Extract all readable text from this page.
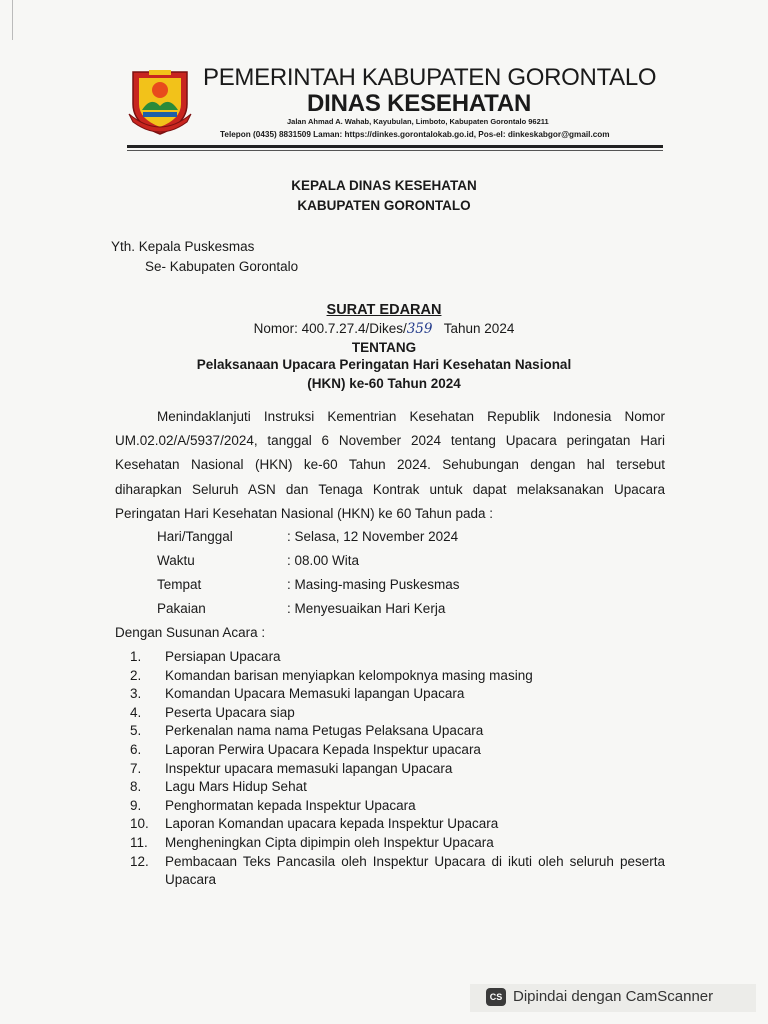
PEMERINTAH KABUPATEN GORONTALO
DINAS KESEHATAN
Jalan Ahmad A. Wahab, Kayubulan, Limboto, Kabupaten Gorontalo 96211
Telepon (0435) 8831509 Laman: https://dinkes.gorontalokab.go.id, Pos-el: dinkeskabgor@gmail.com
KEPALA DINAS KESEHATAN
KABUPATEN GORONTALO
Yth. Kepala Puskesmas
Se- Kabupaten Gorontalo
SURAT EDARAN
Nomor: 400.7.27.4/Dikes/359 Tahun 2024
TENTANG
Pelaksanaan Upacara Peringatan Hari Kesehatan Nasional
(HKN) ke-60 Tahun 2024

Menindaklanjuti Instruksi Kementrian Kesehatan Republik Indonesia Nomor UM.02.02/A/5937/2024, tanggal 6 November 2024 tentang Upacara peringatan Hari Kesehatan Nasional (HKN) ke-60 Tahun 2024. Sehubungan dengan hal tersebut diharapkan Seluruh ASN dan Tenaga Kontrak untuk dapat melaksanakan Upacara Peringatan Hari Kesehatan Nasional (HKN) ke 60 Tahun pada :

Hari/Tanggal	: Selasa, 12 November 2024
Waktu	: 08.00 Wita
Tempat	: Masing-masing Puskesmas
Pakaian	: Menyesuaikan Hari Kerja
Dengan Susunan Acara :
1.	Persiapan Upacara
2.	Komandan barisan menyiapkan kelompoknya masing masing
3.	Komandan Upacara Memasuki lapangan Upacara
4.	Peserta Upacara siap
5.	Perkenalan nama nama Petugas Pelaksana Upacara
6.	Laporan Perwira Upacara Kepada Inspektur upacara
7.	Inspektur upacara memasuki lapangan Upacara
8.	Lagu Mars Hidup Sehat
9.	Penghormatan kepada Inspektur Upacara
10.	Laporan Komandan upacara kepada Inspektur Upacara
11.	Mengheningkan Cipta dipimpin oleh Inspektur Upacara
12.	Pembacaan Teks Pancasila oleh Inspektur Upacara di ikuti oleh seluruh peserta Upacara
CS Dipindai dengan CamScanner
